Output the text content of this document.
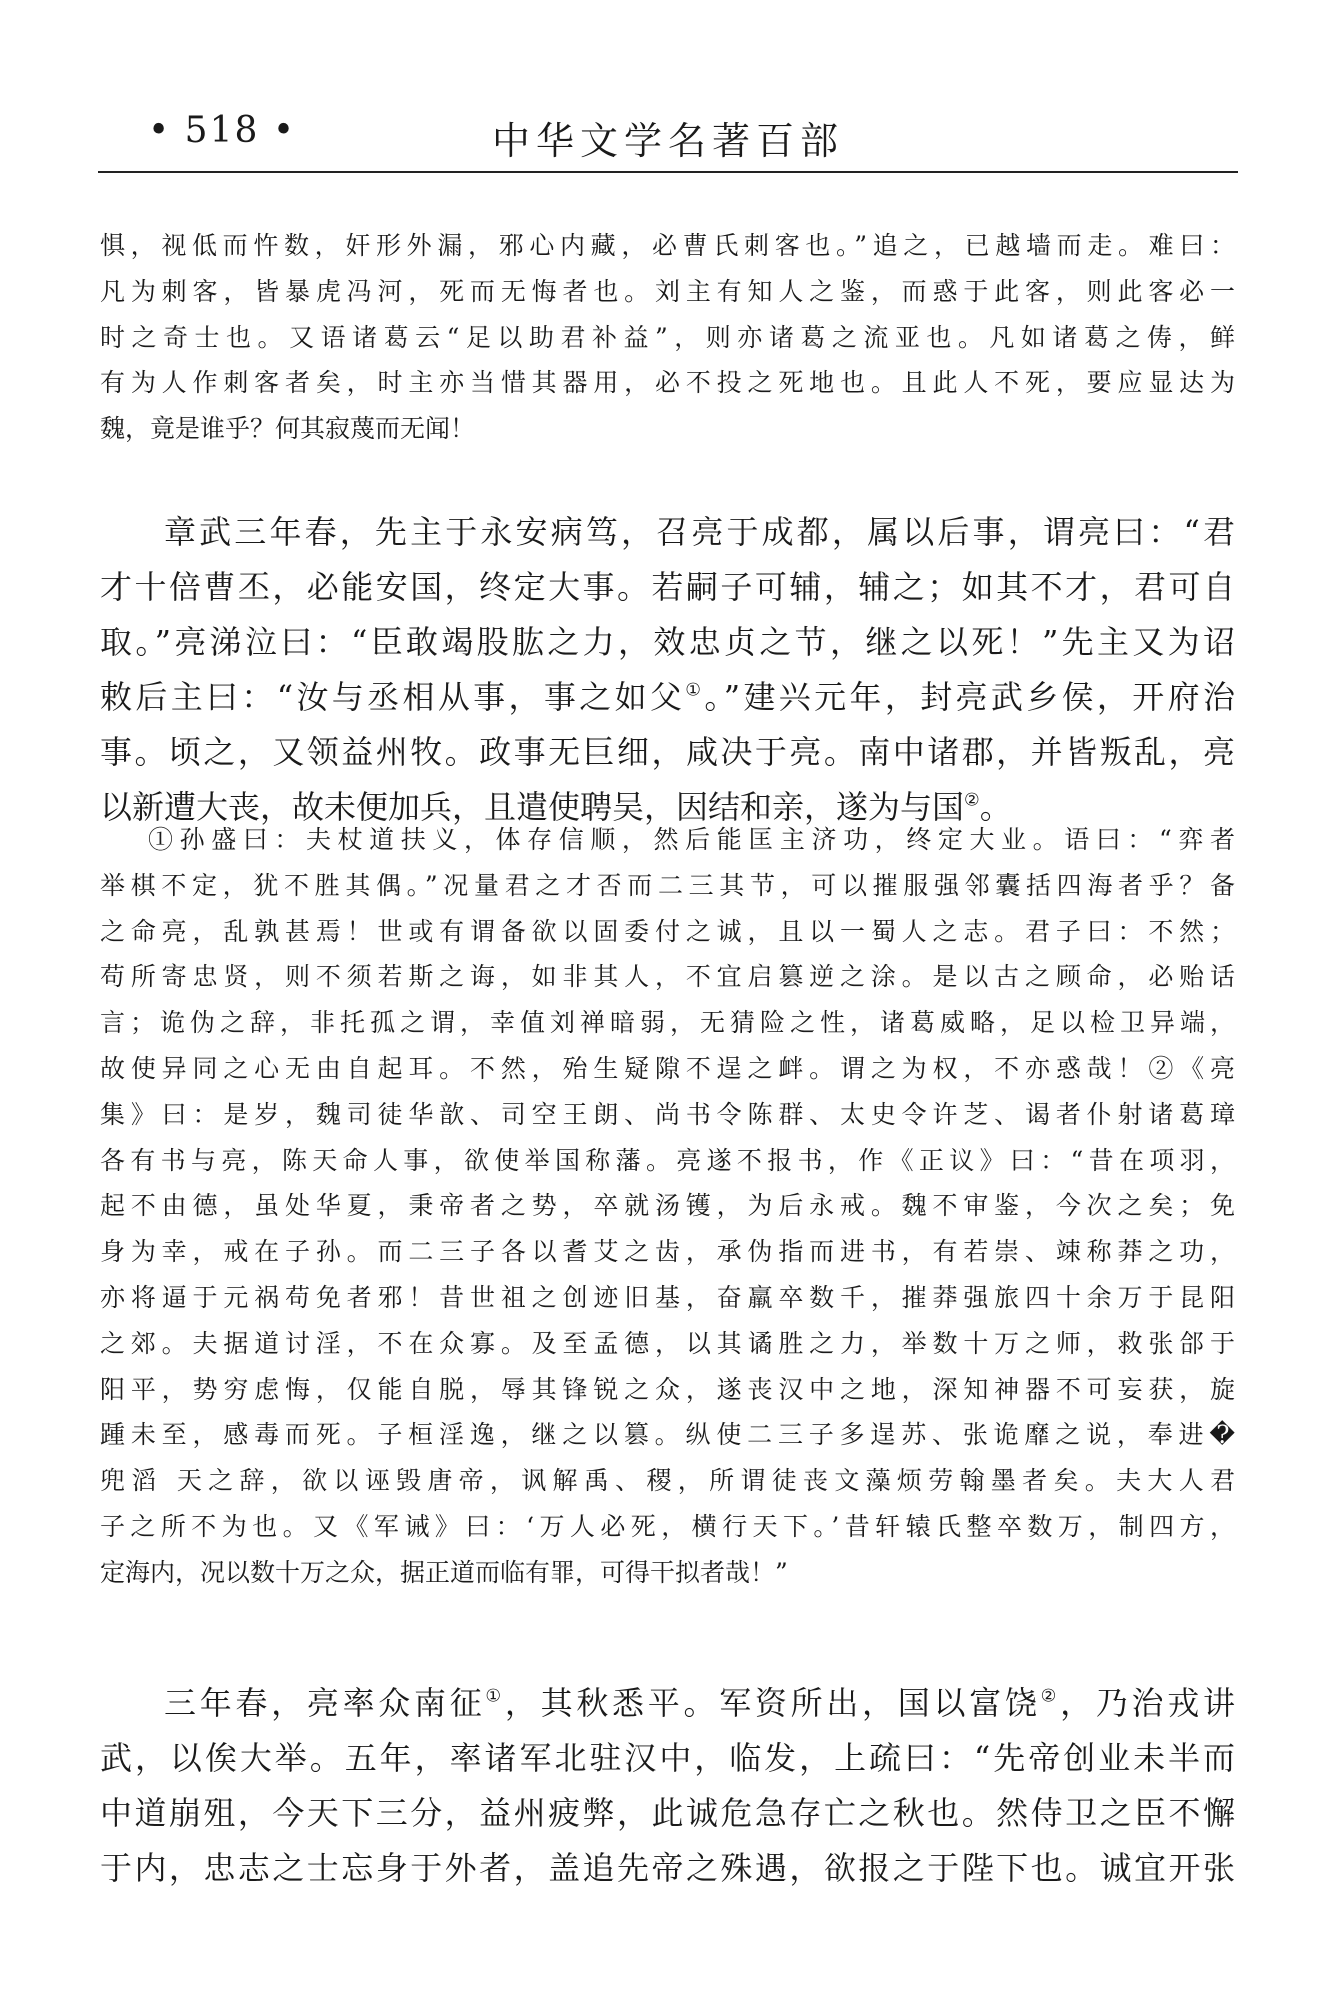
中华文学名著百部
• 518 •
惧，视低而忤数，奸形外漏，邪心内藏，必曹氏刺客也。”追之，已越墙而走。难曰：
凡为刺客，皆暴虎冯河，死而无悔者也。刘主有知人之鉴，而惑于此客，则此客必一
时之奇士也。又语诸葛云“足以助君补益”，则亦诸葛之流亚也。凡如诸葛之俦，鲜
有为人作刺客者矣，时主亦当惜其器用，必不投之死地也。且此人不死，要应显达为
魏，竟是谁乎？何其寂蔑而无闻！
章武三年春，先主于永安病笃，召亮于成都，属以后事，谓亮曰：“君
才十倍曹丕，必能安国，终定大事。若嗣子可辅，辅之；如其不才，君可自
取。”亮涕泣曰：“臣敢竭股肱之力，效忠贞之节，继之以死！”先主又为诏
敕后主曰：“汝与丞相从事，事之如父①。”建兴元年，封亮武乡侯，开府治
事。顷之，又领益州牧。政事无巨细，咸决于亮。南中诸郡，并皆叛乱，亮
以新遭大丧，故未便加兵，且遣使聘吴，因结和亲，遂为与国②。
①孙盛曰：夫杖道扶义，体存信顺，然后能匡主济功，终定大业。语曰：“弈者
举棋不定，犹不胜其偶。”况量君之才否而二三其节，可以摧服强邻囊括四海者乎？备
之命亮，乱孰甚焉！世或有谓备欲以固委付之诚，且以一蜀人之志。君子曰：不然；
苟所寄忠贤，则不须若斯之诲，如非其人，不宜启篡逆之涂。是以古之顾命，必贻话
言；诡伪之辞，非托孤之谓，幸值刘禅暗弱，无猜险之性，诸葛威略，足以检卫异端，
故使异同之心无由自起耳。不然，殆生疑隙不逞之衅。谓之为权，不亦惑哉！②《亮
集》曰：是岁，魏司徒华歆、司空王朗、尚书令陈群、太史令许芝、谒者仆射诸葛璋
各有书与亮，陈天命人事，欲使举国称藩。亮遂不报书，作《正议》曰：“昔在项羽，
起不由德，虽处华夏，秉帝者之势，卒就汤镬，为后永戒。魏不审鉴，今次之矣；免
身为幸，戒在子孙。而二三子各以耆艾之齿，承伪指而进书，有若崇、竦称莽之功，
亦将逼于元祸苟免者邪！昔世祖之创迹旧基，奋羸卒数千，摧莽强旅四十余万于昆阳
之郊。夫据道讨淫，不在众寡。及至孟德，以其谲胜之力，举数十万之师，救张郃于
阳平，势穷虑悔，仅能自脱，辱其锋锐之众，遂丧汉中之地，深知神器不可妄获，旋
踵未至，感毒而死。子桓淫逸，继之以篡。纵使二三子多逞苏、张诡靡之说，奉进�
兜滔 天之辞，欲以诬毁唐帝，讽解禹、稷，所谓徒丧文藻烦劳翰墨者矣。夫大人君
子之所不为也。又《军诫》曰：‘万人必死，横行天下。’昔轩辕氏整卒数万，制四方，
定海内，况以数十万之众，据正道而临有罪，可得干拟者哉！”
三年春，亮率众南征①，其秋悉平。军资所出，国以富饶②，乃治戎讲
武，以俟大举。五年，率诸军北驻汉中，临发，上疏曰：“先帝创业未半而
中道崩殂，今天下三分，益州疲弊，此诚危急存亡之秋也。然侍卫之臣不懈
于内，忠志之士忘身于外者，盖追先帝之殊遇，欲报之于陛下也。诚宜开张
